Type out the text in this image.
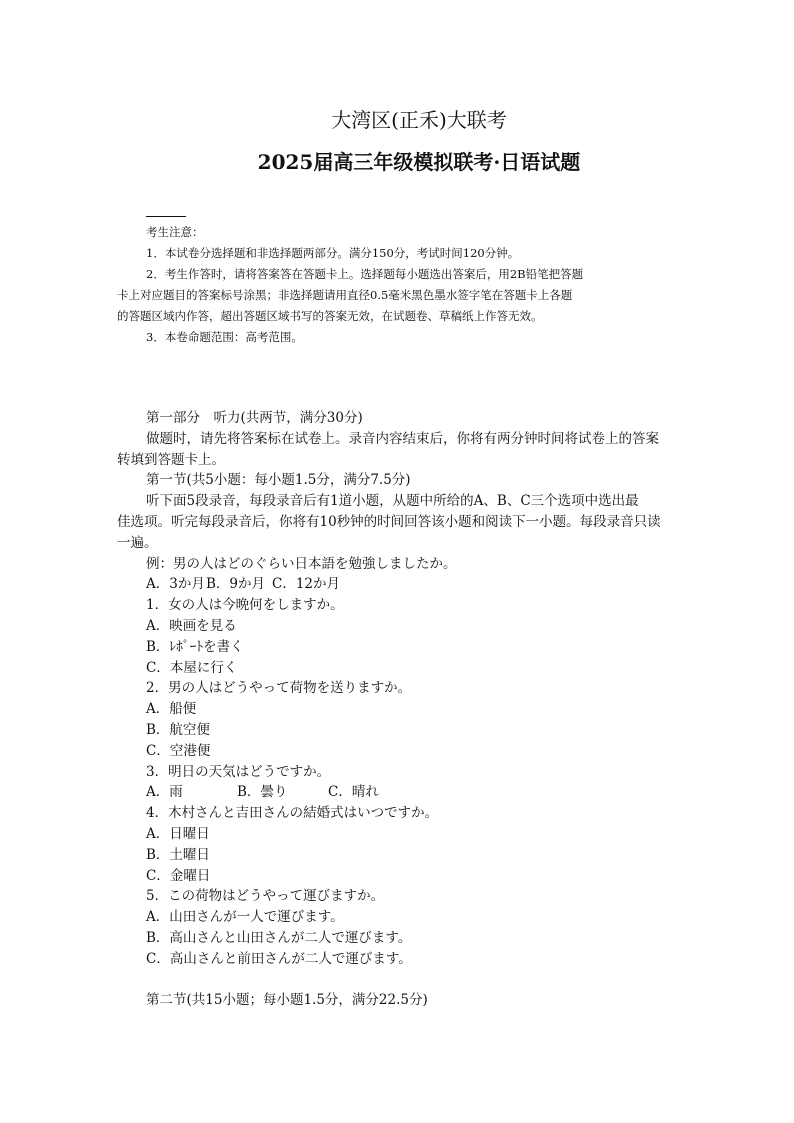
大湾区(正禾)大联考
2025届高三年级模拟联考·日语试题

考生注意：

1．本试卷分选择题和非选择题两部分。满分150分，考试时间120分钟。

2．考生作答时，请将答案答在答题卡上。选择题每小题选出答案后，用2B铅笔把答题

卡上对应题目的答案标号涂黑；非选择题请用直径0.5毫米黑色墨水签字笔在答题卡上各题

的答题区域内作答，超出答题区域书写的答案无效，在试题卷、草稿纸上作答无效。

3．本卷命题范围：高考范围。

第一部分　听力(共两节，满分30分)

做题时，请先将答案标在试卷上。录音内容结束后，你将有两分钟时间将试卷上的答案

转填到答题卡上。

第一节(共5小题：每小题1.5分，满分7.5分)

听下面5段录音，每段录音后有1道小题，从题中所给的A、B、C三个选项中选出最

佳选项。听完每段录音后，你将有10秒钟的时间回答该小题和阅读下一小题。每段录音只读

一遍。

例：男の人はどのぐらい日本語を勉強しましたか。

A．3か月B．9か月 C．12か月

1．女の人は今晩何をしますか。

A．映画を見る

B．ﾚﾎﾟｰﾄを書く

C．本屋に行く

2．男の人はどうやって荷物を送りますか。

A．船便

B．航空便

C．空港便

3．明日の天気はどうですか。

A．雨	B．曇り	C．晴れ

4．木村さんと吉田さんの結婚式はいつですか。

A．日曜日

B．土曜日

C．金曜日

5．この荷物はどうやって運びますか。

A．山田さんが一人で運びます。

B．高山さんと山田さんが二人で運びます。

C．高山さんと前田さんが二人で運びます。

第二节(共15小题；每小题1.5分，满分22.5分)
